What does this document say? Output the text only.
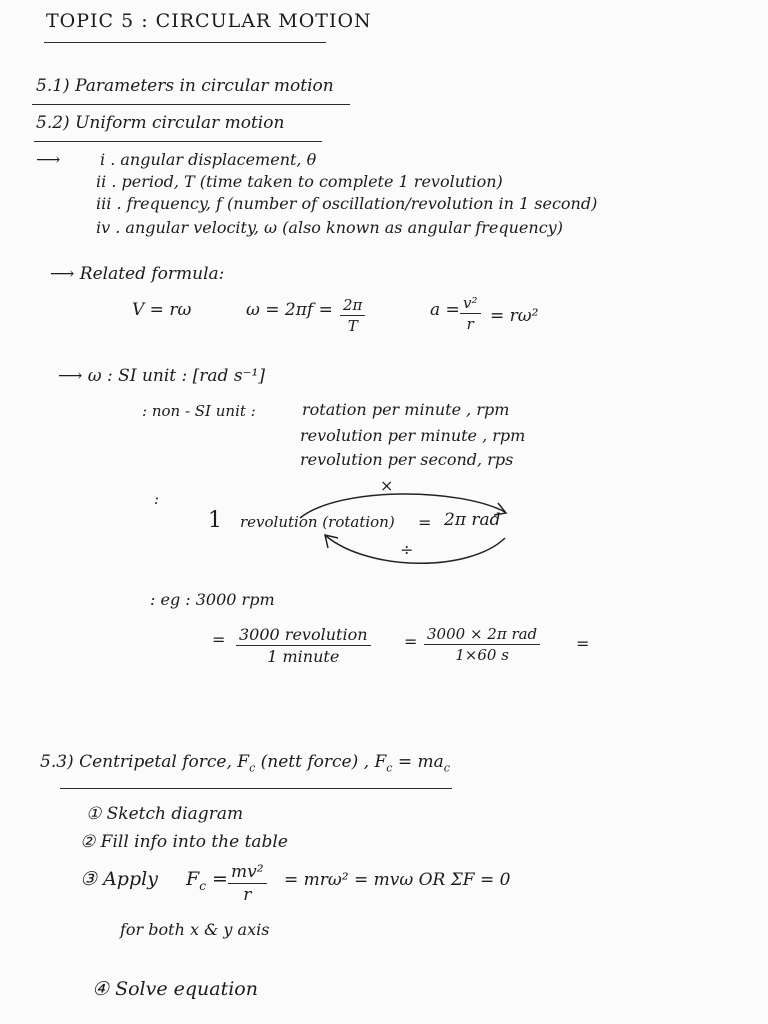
TOPIC 5 : CIRCULAR MOTION
5.1) Parameters in circular motion
5.2) Uniform circular motion
⟶ i . angular displacement, θ
ii . period, T (time taken to complete 1 revolution)
iii . frequency, f (number of oscillation/revolution in 1 second)
iv . angular velocity, ω (also known as angular frequency)
⟶ Related formula:
V = rω	$\omega = 2\pi f = \frac{2\pi}{T}$	$a = \frac{\text{v²}}{r} = r\omega^2$
⟶ ω : SI unit : [rad s⁻¹]
: non - SI unit :	rotation per minute , rpm
revolution per minute , rpm
revolution per second, rps
:
×
1 revolution (rotation) = 2π rad
÷
: eg : 3000 rpm
= 3000 revolution
1 minute
= 3000 × 2π rad
1×60 s
=
5.3) Centripetal force, $F_c$ (nett force) , $F_c = ma_c$
① Sketch diagram
② Fill info into the table
③ Apply $F_c = \frac{\text{mv²}}{r} = mr\omega^2 = mv\omega$ OR ΣF = 0
for both x & y axis
④ Solve equation
